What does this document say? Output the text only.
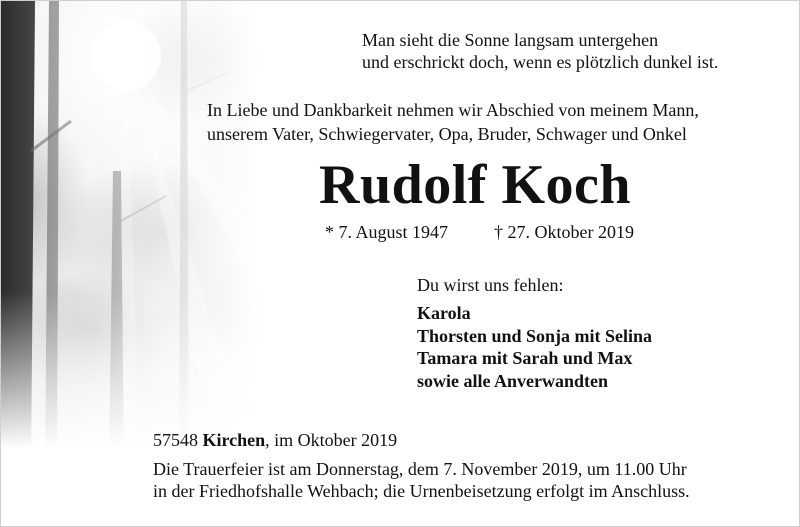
Man sieht die Sonne langsam untergehen
und erschrickt doch, wenn es plötzlich dunkel ist.
In Liebe und Dankbarkeit nehmen wir Abschied von meinem Mann,
unserem Vater, Schwiegervater, Opa, Bruder, Schwager und Onkel
Rudolf Koch
* 7. August 1947	† 27. Oktober 2019
Du wirst uns fehlen:
Karola
Thorsten und Sonja mit Selina
Tamara mit Sarah und Max
sowie alle Anverwandten
57548 Kirchen, im Oktober 2019
Die Trauerfeier ist am Donnerstag, dem 7. November 2019, um 11.00 Uhr
in der Friedhofshalle Wehbach; die Urnenbeisetzung erfolgt im Anschluss.
